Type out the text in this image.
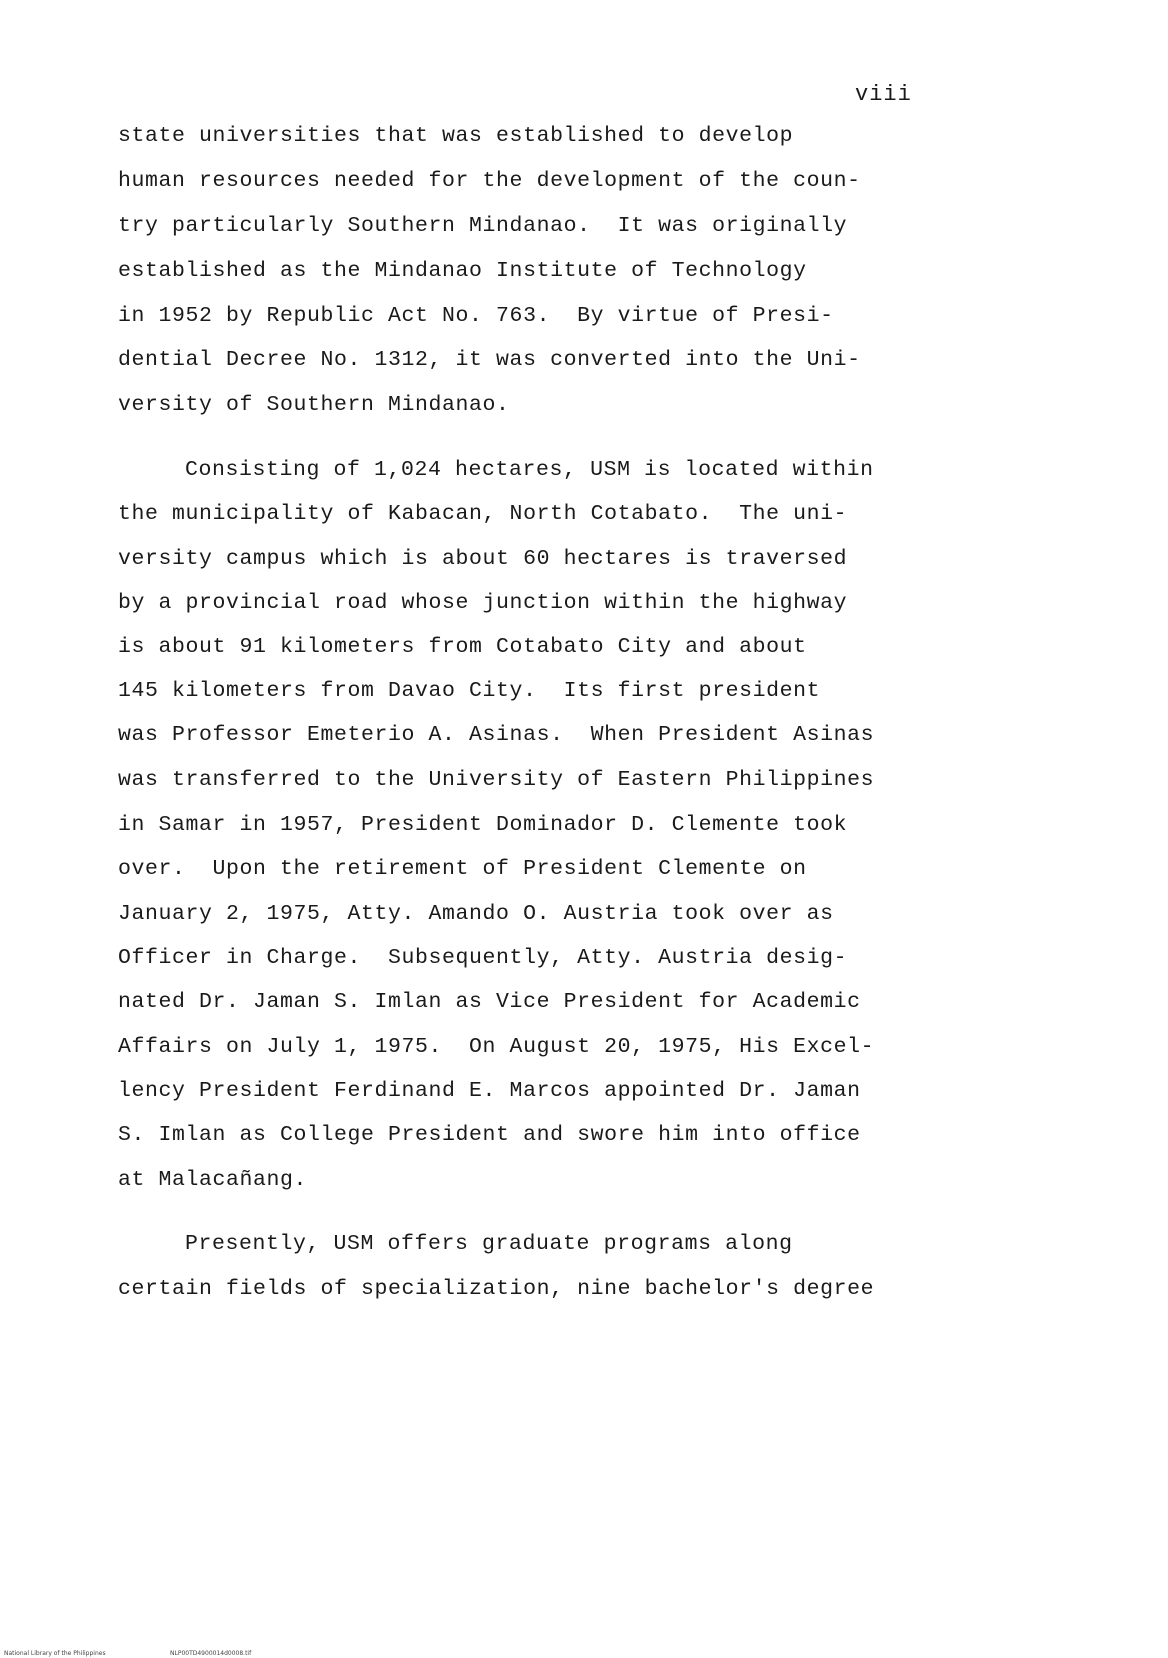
viii
state universities that was established to develop
human resources needed for the development of the coun-
try particularly Southern Mindanao.  It was originally
established as the Mindanao Institute of Technology
in 1952 by Republic Act No. 763.  By virtue of Presi-
dential Decree No. 1312, it was converted into the Uni-
versity of Southern Mindanao.
Consisting of 1,024 hectares, USM is located within
the municipality of Kabacan, North Cotabato.  The uni-
versity campus which is about 60 hectares is traversed
by a provincial road whose junction within the highway
is about 91 kilometers from Cotabato City and about
145 kilometers from Davao City.  Its first president
was Professor Emeterio A. Asinas.  When President Asinas
was transferred to the University of Eastern Philippines
in Samar in 1957, President Dominador D. Clemente took
over.  Upon the retirement of President Clemente on
January 2, 1975, Atty. Amando O. Austria took over as
Officer in Charge.  Subsequently, Atty. Austria desig-
nated Dr. Jaman S. Imlan as Vice President for Academic
Affairs on July 1, 1975.  On August 20, 1975, His Excel-
lency President Ferdinand E. Marcos appointed Dr. Jaman
S. Imlan as College President and swore him into office
at Malacañang.
Presently, USM offers graduate programs along
certain fields of specialization, nine bachelor's degree
National Library of the Philippines	NLP00TD4900014d0008.tif
